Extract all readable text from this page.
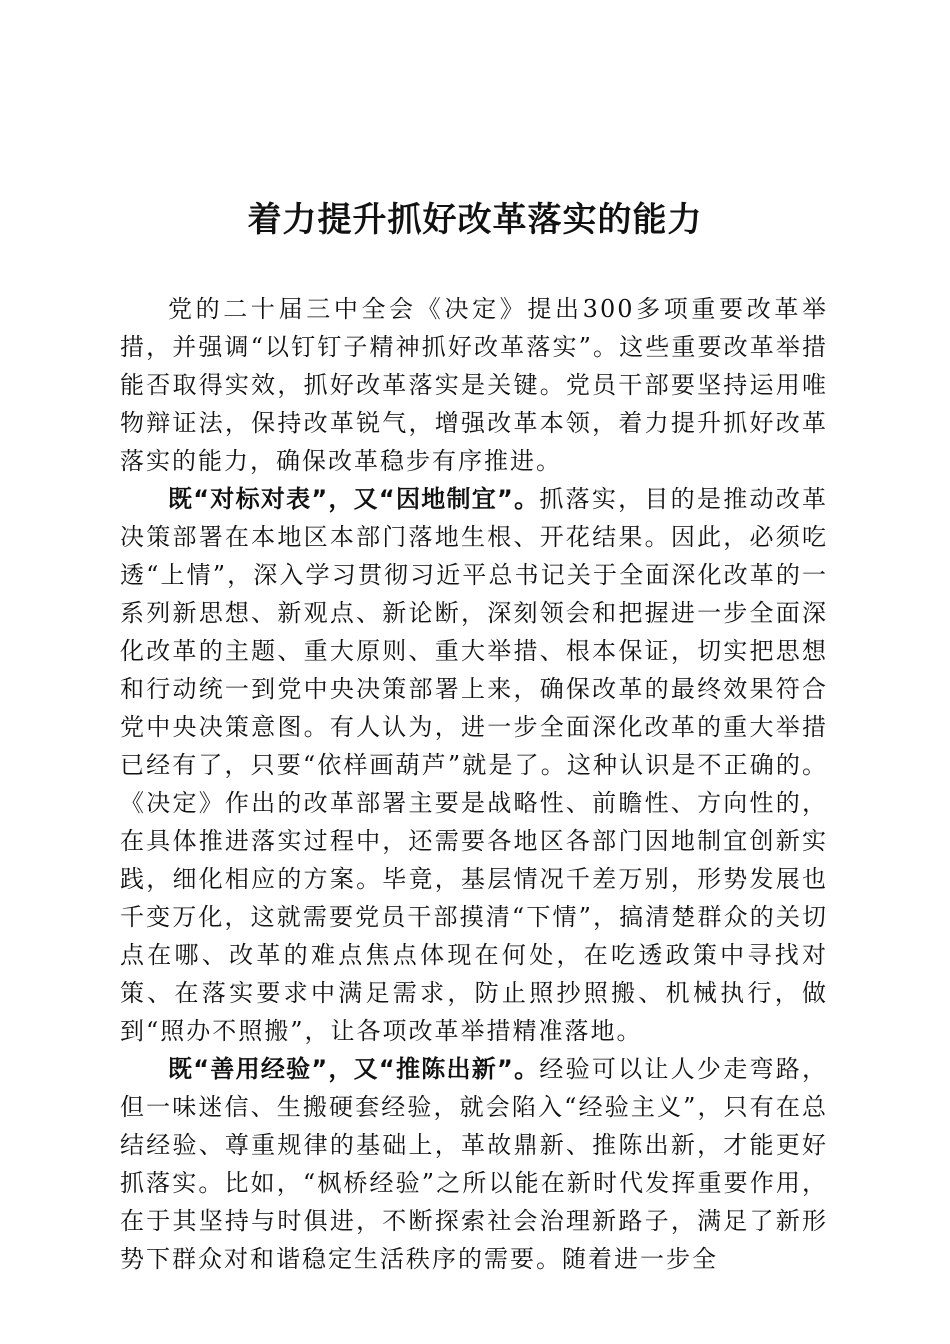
着力提升抓好改革落实的能力

党的二十届三中全会《决定》提出300多项重要改革举措，并强调“以钉钉子精神抓好改革落实”。这些重要改革举措能否取得实效，抓好改革落实是关键。党员干部要坚持运用唯物辩证法，保持改革锐气，增强改革本领，着力提升抓好改革落实的能力，确保改革稳步有序推进。

既“对标对表”，又“因地制宜”。抓落实，目的是推动改革决策部署在本地区本部门落地生根、开花结果。因此，必须吃透“上情”，深入学习贯彻习近平总书记关于全面深化改革的一系列新思想、新观点、新论断，深刻领会和把握进一步全面深化改革的主题、重大原则、重大举措、根本保证，切实把思想和行动统一到党中央决策部署上来，确保改革的最终效果符合党中央决策意图。有人认为，进一步全面深化改革的重大举措已经有了，只要“依样画葫芦”就是了。这种认识是不正确的。《决定》作出的改革部署主要是战略性、前瞻性、方向性的，在具体推进落实过程中，还需要各地区各部门因地制宜创新实践，细化相应的方案。毕竟，基层情况千差万别，形势发展也千变万化，这就需要党员干部摸清“下情”，搞清楚群众的关切点在哪、改革的难点焦点体现在何处，在吃透政策中寻找对策、在落实要求中满足需求，防止照抄照搬、机械执行，做到“照办不照搬”，让各项改革举措精准落地。

既“善用经验”，又“推陈出新”。经验可以让人少走弯路，但一味迷信、生搬硬套经验，就会陷入“经验主义”，只有在总结经验、尊重规律的基础上，革故鼎新、推陈出新，才能更好抓落实。比如，“枫桥经验”之所以能在新时代发挥重要作用，在于其坚持与时俱进，不断探索社会治理新路子，满足了新形势下群众对和谐稳定生活秩序的需要。随着进一步全
